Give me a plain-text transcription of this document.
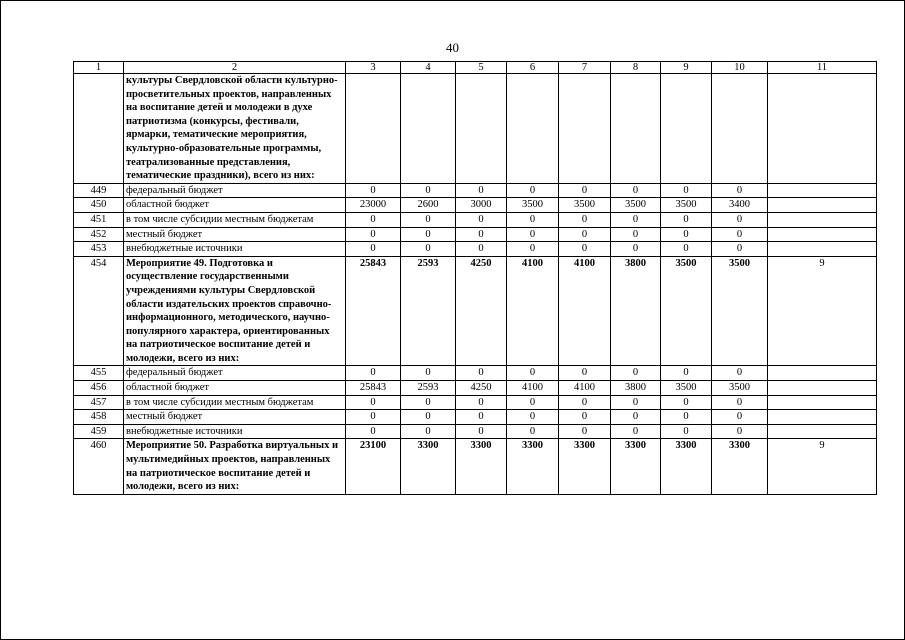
40
1	2	3	4	5	6	7	8	9	10	11
	культуры Свердловской области культурно-просветительных проектов, направленных на воспитание детей и молодежи в духе патриотизма (конкурсы, фестивали, ярмарки, тематические мероприятия, культурно-образовательные программы, театрализованные представления, тематические праздники), всего из них:									
449	федеральный бюджет	0	0	0	0	0	0	0	0	
450	областной бюджет	23000	2600	3000	3500	3500	3500	3500	3400	
451	в том числе субсидии местным бюджетам	0	0	0	0	0	0	0	0	
452	местный бюджет	0	0	0	0	0	0	0	0	
453	внебюджетные источники	0	0	0	0	0	0	0	0	
454	Мероприятие 49. Подготовка и осуществление государственными учреждениями культуры Свердловской области издательских проектов справочно-информационного, методического, научно-популярного характера, ориентированных на патриотическое воспитание детей и молодежи, всего из них:	25843	2593	4250	4100	4100	3800	3500	3500	9
455	федеральный бюджет	0	0	0	0	0	0	0	0	
456	областной бюджет	25843	2593	4250	4100	4100	3800	3500	3500	
457	в том числе субсидии местным бюджетам	0	0	0	0	0	0	0	0	
458	местный бюджет	0	0	0	0	0	0	0	0	
459	внебюджетные источники	0	0	0	0	0	0	0	0	
460	Мероприятие 50. Разработка виртуальных и мультимедийных проектов, направленных на патриотическое воспитание детей и молодежи, всего из них:	23100	3300	3300	3300	3300	3300	3300	3300	9
